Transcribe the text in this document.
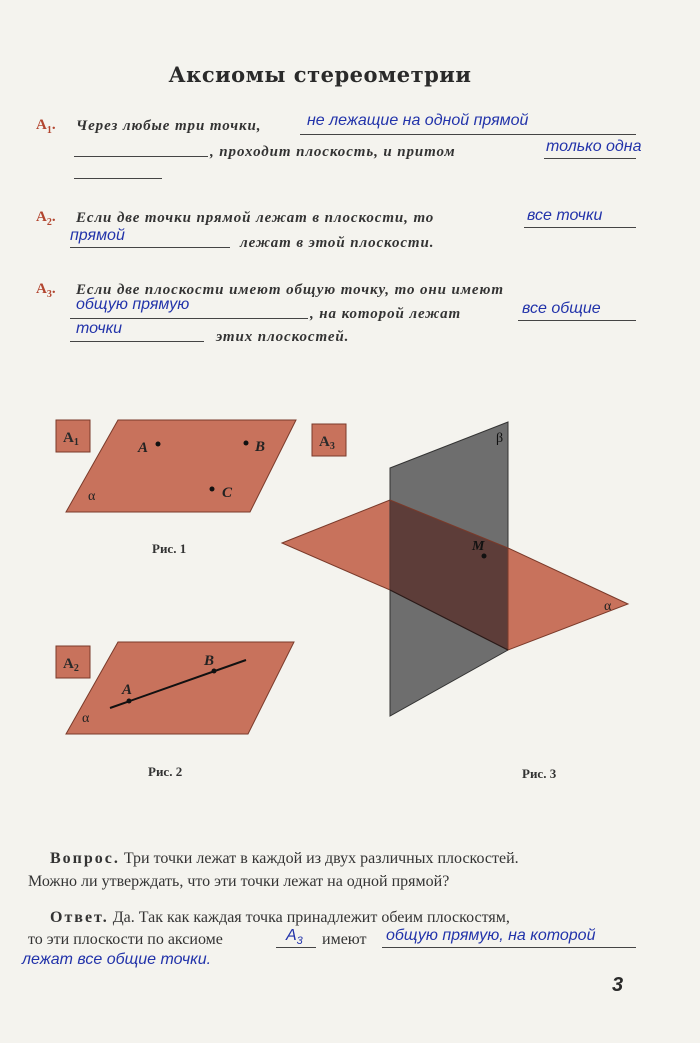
Аксиомы стереометрии
$A_1$. Через любые три точки,	не лежащие на одной прямой
, проходит плоскость, и притом	только одна
$A_2$. Если две точки прямой лежат в плоскости, то	все точки
прямой	лежат в этой плоскости.
$A_3$. Если две плоскости имеют общую точку, то они имеют
общую прямую
, на которой лежат	все общие
точки	этих плоскостей.
$A_1$	A	B
C
α
$A_2$
A
B
α
$A_3$
M
β
α
Рис. 1
Рис. 2	Рис. 3
Вопрос. Три точки лежат в каждой из двух различных плоскостей.
Можно ли утверждать, что эти точки лежат на одной прямой?
Ответ. Да. Так как каждая точка принадлежит обеим плоскостям,
то эти плоскости по аксиоме	$A_3$ имеют общую прямую, на которой
лежат все общие точки.
3
